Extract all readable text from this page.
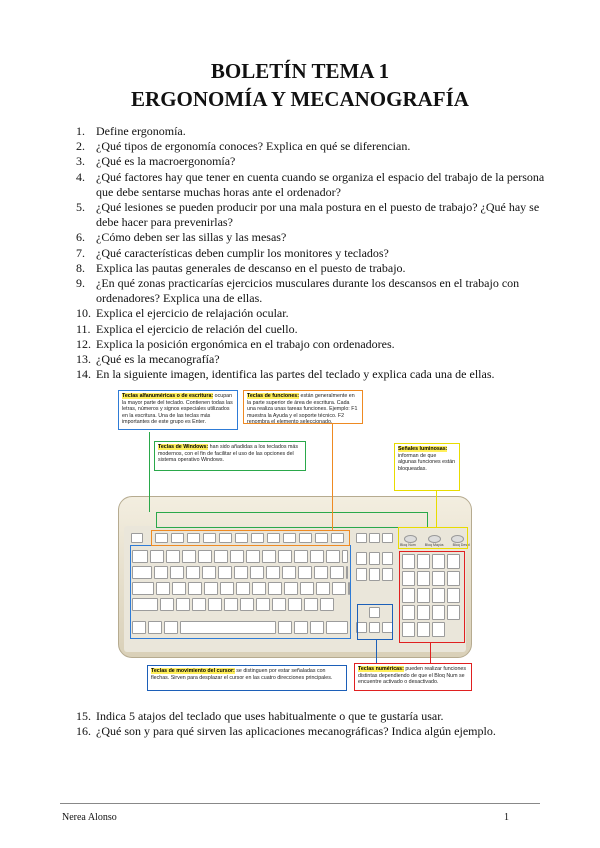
BOLETÍN TEMA 1
ERGONOMÍA Y MECANOGRAFÍA
1. Define ergonomía.
2. ¿Qué tipos de ergonomía conoces? Explica en qué se diferencian.
3. ¿Qué es la macroergonomía?
4. ¿Qué factores hay que tener en cuenta cuando se organiza el espacio del trabajo de la persona que debe sentarse muchas horas ante el ordenador?
5. ¿Qué lesiones se pueden producir por una mala postura en el puesto de trabajo? ¿Qué hay se debe hacer para prevenirlas?
6. ¿Cómo deben ser las sillas y las mesas?
7. ¿Qué características deben cumplir los monitores y teclados?
8. Explica las pautas generales de descanso en el puesto de trabajo.
9. ¿En qué zonas practicarías ejercicios musculares durante los descansos en el trabajo con ordenadores? Explica una de ellas.
10. Explica el ejercicio de relajación ocular.
11. Explica el ejercicio de relación del cuello.
12. Explica la posición ergonómica en el trabajo con ordenadores.
13. ¿Qué es la mecanografía?
14. En la siguiente imagen, identifica las partes del teclado y explica cada una de ellas.
Bloq Num	Bloq Mayús	Bloq Despl
Teclas alfanuméricas o de escritura: ocupan la mayor parte del teclado. Contienen todas las letras, números y signos especiales utilizados en la escritura. Una de las teclas más importantes de este grupo es Enter.
Teclas de funciones: están generalmente en la parte superior de área de escritura. Cada una realiza unas tareas funciones. Ejemplo: F1 muestra la Ayuda y el soporte técnico. F2 renombra el elemento seleccionado.
Teclas de Windows: han sido añadidas a los teclados más modernos, con el fin de facilitar el uso de las opciones del sistema operativo Windows.
Señales luminosas: informan de que algunas funciones están bloqueadas.
Teclas de movimiento del cursor: se distinguen por estar señaladas con flechas. Sirven para desplazar el cursor en las cuatro direcciones principales.
Teclas numéricas: pueden realizar funciones distintas dependiendo de que el Bloq Num se encuentre activado o desactivado.
15. Indica 5 atajos del teclado que uses habitualmente o que te gustaría usar.
16. ¿Qué son y para qué sirven las aplicaciones mecanográficas? Indica algún ejemplo.
Nerea Alonso	1
